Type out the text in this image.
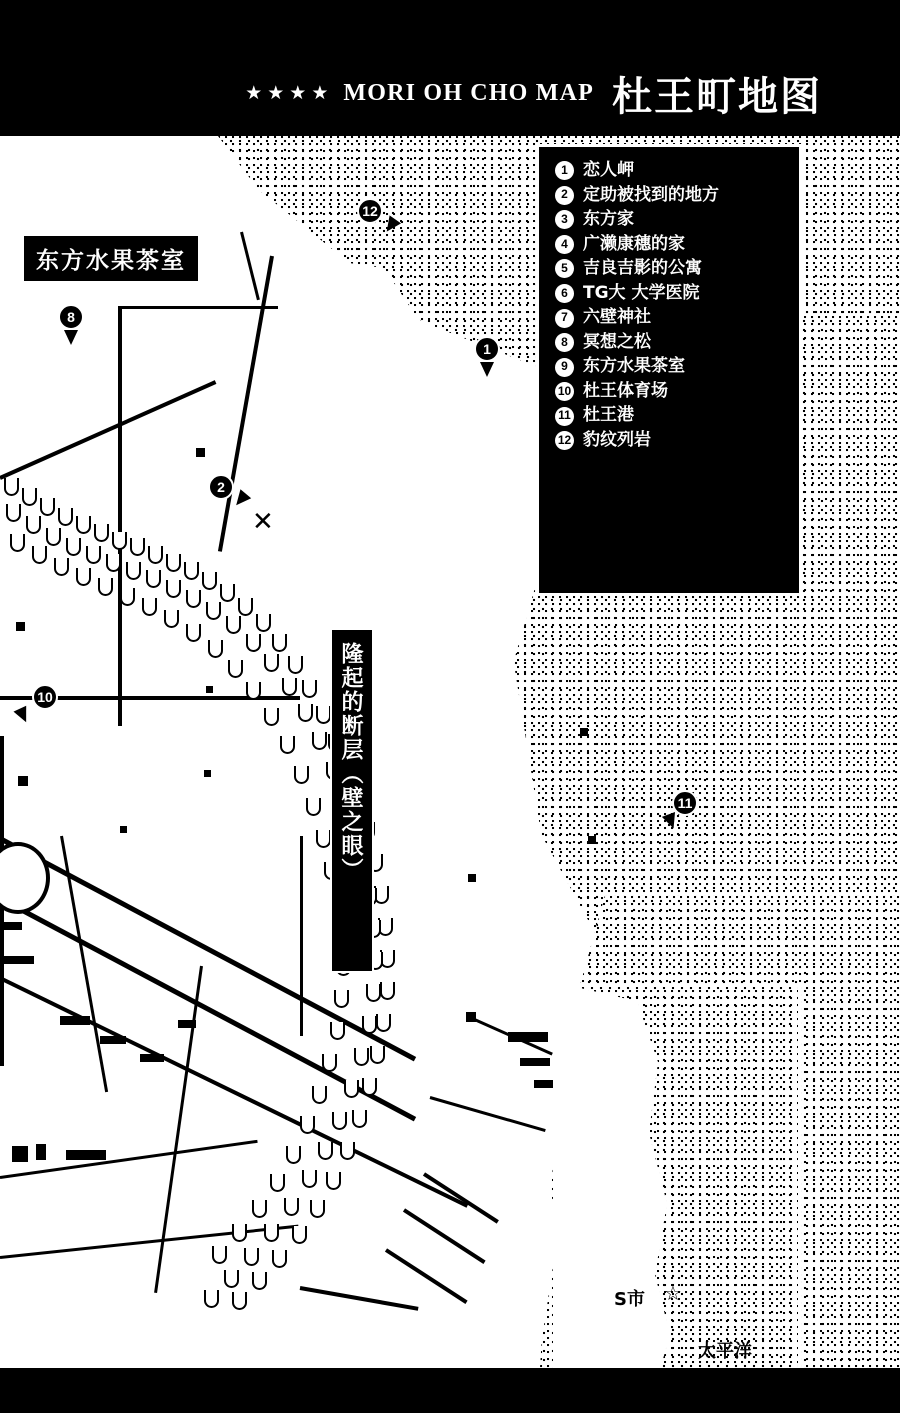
★★★★ MORI OH CHO MAP 杜王町地图
✕
12
8
1
2
10
11
东方水果茶室
隆起的断层（壁之眼）
1 恋人岬
2 定助被找到的地方
3 东方家
4 广濑康穗的家
5 吉良吉影的公寓
6 TG大 大学医院
7 六壁神社
8 冥想之松
9 东方水果茶室
10 杜王体育场
11 杜王港
12 豹纹列岩
S市 ☆
太平洋
